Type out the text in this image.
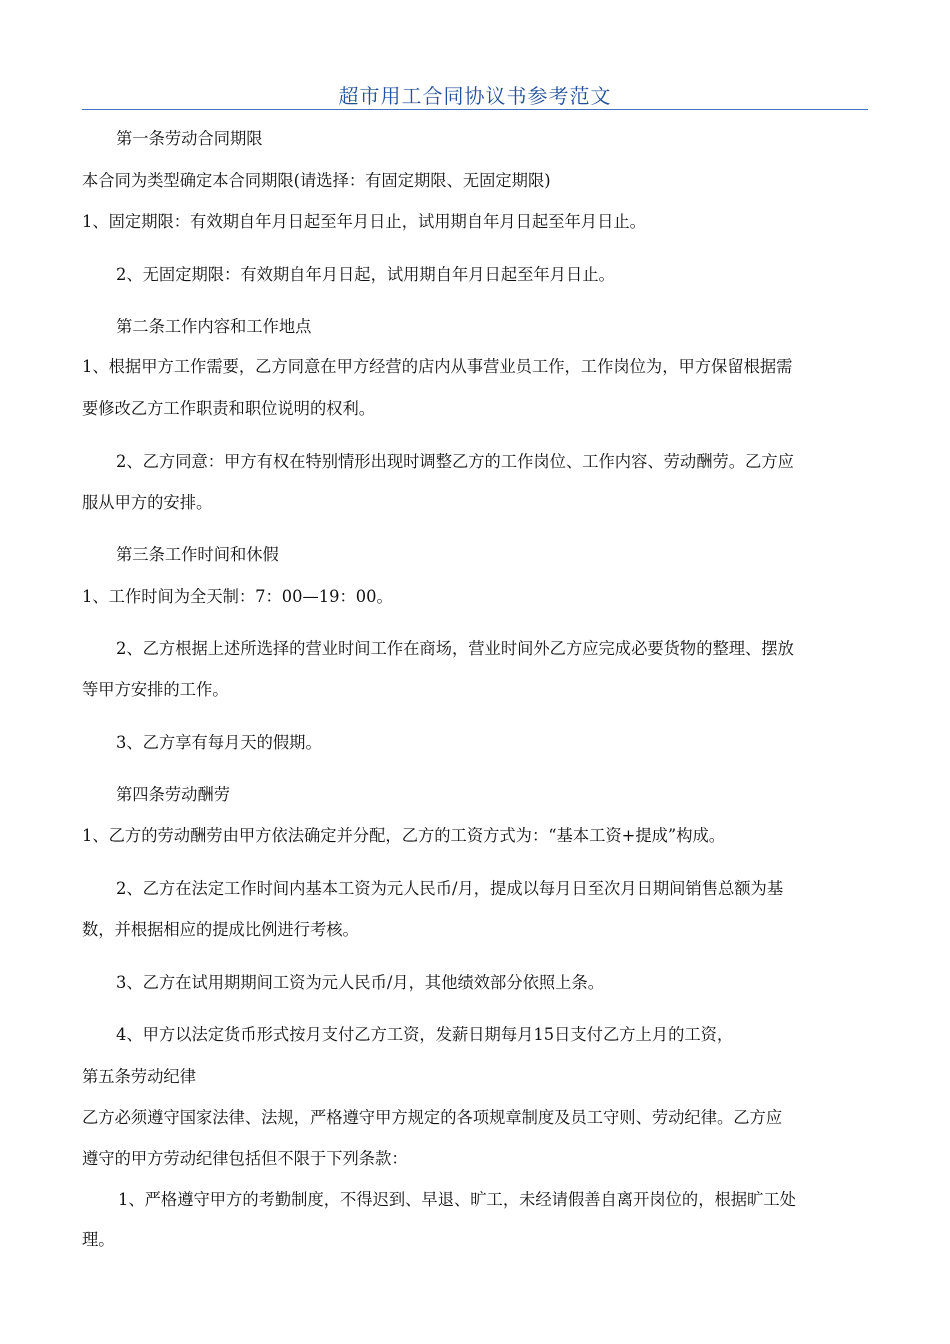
超市用工合同协议书参考范文
第一条劳动合同期限
本合同为类型确定本合同期限(请选择：有固定期限、无固定期限)
1、固定期限：有效期自年月日起至年月日止，试用期自年月日起至年月日止。
2、无固定期限：有效期自年月日起，试用期自年月日起至年月日止。
第二条工作内容和工作地点
1、根据甲方工作需要，乙方同意在甲方经营的店内从事营业员工作，工作岗位为，甲方保留根据需
要修改乙方工作职责和职位说明的权利。
2、乙方同意：甲方有权在特别情形出现时调整乙方的工作岗位、工作内容、劳动酬劳。乙方应
服从甲方的安排。
第三条工作时间和休假
1、工作时间为全天制：7：00—19：00。
2、乙方根据上述所选择的营业时间工作在商场，营业时间外乙方应完成必要货物的整理、摆放
等甲方安排的工作。
3、乙方享有每月天的假期。
第四条劳动酬劳
1、乙方的劳动酬劳由甲方依法确定并分配，乙方的工资方式为：“基本工资+提成”构成。
2、乙方在法定工作时间内基本工资为元人民币/月，提成以每月日至次月日期间销售总额为基
数，并根据相应的提成比例进行考核。
3、乙方在试用期期间工资为元人民币/月，其他绩效部分依照上条。
4、甲方以法定货币形式按月支付乙方工资，发薪日期每月15日支付乙方上月的工资，
第五条劳动纪律
乙方必须遵守国家法律、法规，严格遵守甲方规定的各项规章制度及员工守则、劳动纪律。乙方应
遵守的甲方劳动纪律包括但不限于下列条款：
1、严格遵守甲方的考勤制度，不得迟到、早退、旷工，未经请假善自离开岗位的，根据旷工处
理。
